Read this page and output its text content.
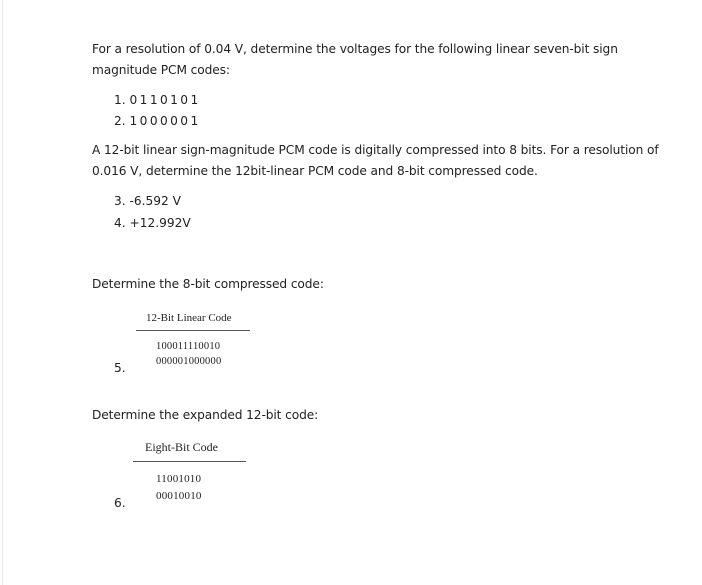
For a resolution of 0.04 V, determine the voltages for the following linear seven-bit sign magnitude PCM codes:
1. 0110101
2. 1000001
A 12-bit linear sign-magnitude PCM code is digitally compressed into 8 bits. For a resolution of 0.016 V, determine the 12bit-linear PCM code and 8-bit compressed code.
3. -6.592 V
4. +12.992V
Determine the 8-bit compressed code:
12-Bit Linear Code
100011110010
000001000000
5.
Determine the expanded 12-bit code:
Eight-Bit Code
11001010
00010010
6.
